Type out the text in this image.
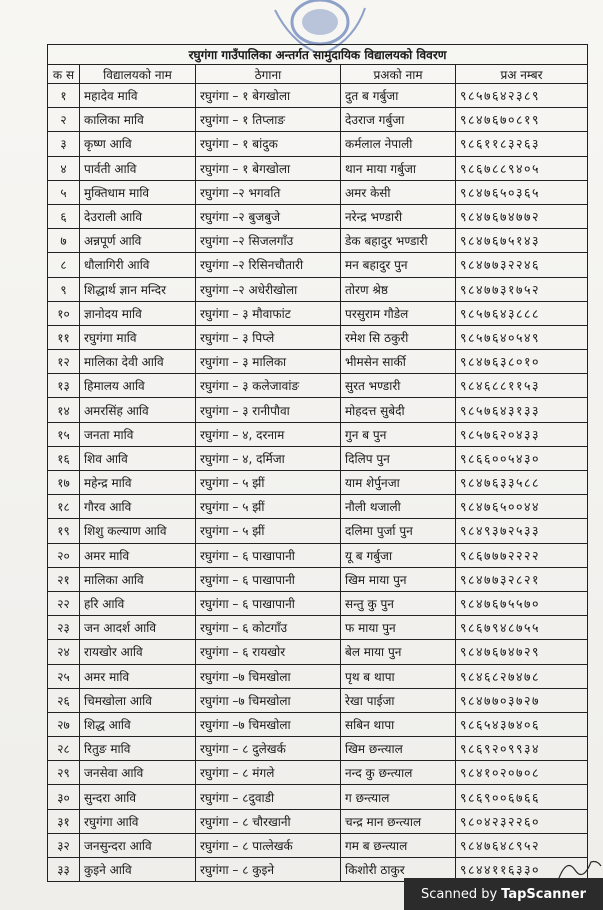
रघुगंगा गाउँपालिका अन्तर्गत सामुदायिक विद्यालयको विवरण				
क स	विद्यालयको नाम	ठेगाना	प्रअको नाम	प्रअ नम्बर
१	महादेव मावि	रघुगंगा – १ बेगखोला	दुत ब गर्बुजा	९८५७६४२३८९
२	कालिका मावि	रघुगंगा – १ तिप्लाङ	देउराज गर्बुजा	९८४७६७०८१९
३	कृष्ण आवि	रघुगंगा – १ बांदुक	कर्मलाल नेपाली	९८६११८३२६३
४	पार्वती आवि	रघुगंगा – १ बेगखोला	थान माया गर्बुजा	९८६७८८९४०५
५	मुक्तिधाम मावि	रघुगंगा –२ भगवति	अमर केसी	९८४७६५०३६५
६	देउराली आवि	रघुगंगा –२ बुजबुजे	नरेन्द्र भण्डारी	९८४७६७४७७२
७	अन्नपूर्ण आवि	रघुगंगा –२ सिजलगाँउ	डेक बहादुर भण्डारी	९८४७६७५१४३
८	धौलागिरी आवि	रघुगंगा –२ रिसिनचौतारी	मन बहादुर पुन	९८४७७३२२४६
९	शिद्धार्थ ज्ञान मन्दिर	रघुगंगा –२ अधेरीखोला	तोरण श्रेष्ठ	९८४७७३१७५२
१०	ज्ञानोदय मावि	रघुगंगा – ३ मौवाफांट	परसुराम गौडेल	९८५७६४३८८८
११	रघुगंगा मावि	रघुगंगा – ३ पिप्ले	रमेश सि ठकुरी	९८५७६४०५४९
१२	मालिका देवी आवि	रघुगंगा – ३ मालिका	भीमसेन सार्की	९८४७६३८०१०
१३	हिमालय आवि	रघुगंगा – ३ कलेजावांङ	सुरत भण्डारी	९८४६८८११५३
१४	अमरसिंह आवि	रघुगंगा – ३ रानीपौवा	मोहदत्त सुबेदी	९८५७६४३१३३
१५	जनता मावि	रघुगंगा – ४, दरनाम	गुन ब पुन	९८५७६२०४३३
१६	शिव आवि	रघुगंगा – ४, दर्मिजा	दिलिप पुन	९८६६००५४३०
१७	महेन्द्र मावि	रघुगंगा – ५ झीं	याम शेर्पुनजा	९८४७६३३५८८
१८	गौरव आवि	रघुगंगा – ५ झीं	नौली थजाली	९८४७६५००४४
१९	शिशु कल्याण आवि	रघुगंगा – ५ झीं	दलिमा पुर्जा पुन	९८४९३७२५३३
२०	अमर मावि	रघुगंगा – ६ पाखापानी	यू ब गर्बुजा	९८६७७७२२२२
२१	मालिका आवि	रघुगंगा – ६ पाखापानी	खिम माया पुन	९८४७७३२८२१
२२	हरि आवि	रघुगंगा – ६ पाखापानी	सन्तु कु पुन	९८४७६७५५७०
२३	जन आदर्श आवि	रघुगंगा – ६ कोटगाँउ	फ माया पुन	९८६७९४८७५५
२४	रायखोर आवि	रघुगंगा – ६ रायखोर	बेल माया पुन	९८४७६७४७२९
२५	अमर मावि	रघुगंगा –७ चिमखोला	पृथ ब थापा	९८४६८२७४७८
२६	चिमखोला आवि	रघुगंगा –७ चिमखोला	रेखा पाईजा	९८४७७०३७२७
२७	शिद्ध आवि	रघुगंगा –७ चिमखोला	सबिन थापा	९८६५४३७४०६
२८	रितुङ मावि	रघुगंगा – ८ दुलेखर्क	खिम छन्त्याल	९८६९२०९९३४
२९	जनसेवा आवि	रघुगंगा – ८ मंगले	नन्द कु छन्त्याल	९८४१०२०७०८
३०	सुन्दरा आवि	रघुगंगा – ८दुवाडी	ग छन्त्याल	९८६९००६७६६
३१	रघुगंगा आवि	रघुगंगा – ८ चौरखानी	चन्द्र मान छन्त्याल	९८०४२३२२६०
३२	जनसुन्दरा आवि	रघुगंगा – ८ पात्लेखर्क	गम ब छन्त्याल	९८४७६४८९५२
३३	कुइने आवि	रघुगंगा – ८ कुइने	किशोरी ठाकुर	९८४४११६३३०
Scanned by TapScanner
